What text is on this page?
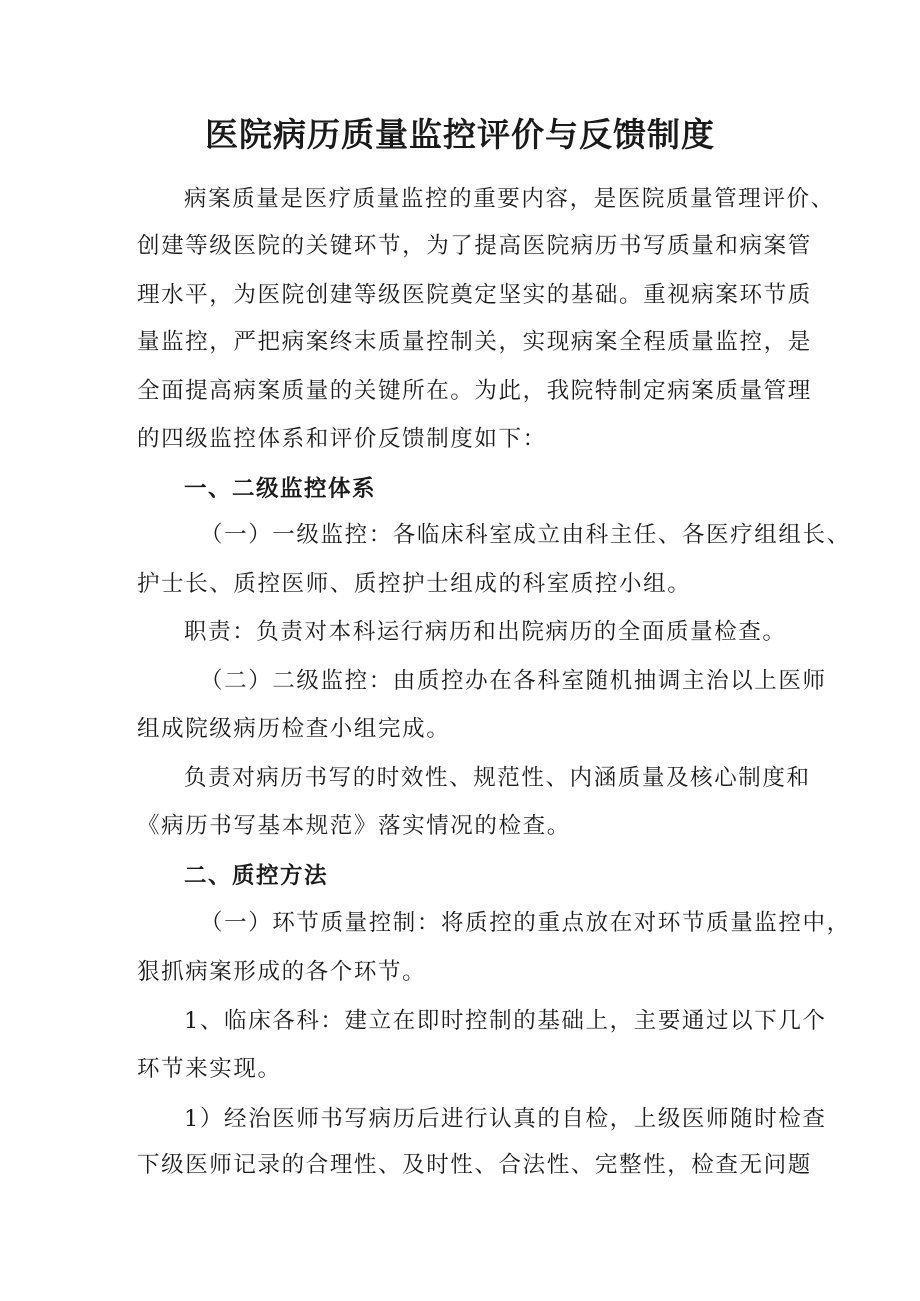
医院病历质量监控评价与反馈制度
病案质量是医疗质量监控的重要内容，是医院质量管理评价、
创建等级医院的关键环节，为了提高医院病历书写质量和病案管
理水平，为医院创建等级医院奠定坚实的基础。重视病案环节质
量监控，严把病案终末质量控制关，实现病案全程质量监控，是
全面提高病案质量的关键所在。为此，我院特制定病案质量管理
的四级监控体系和评价反馈制度如下：
一、二级监控体系
（一）一级监控：各临床科室成立由科主任、各医疗组组长、
护士长、质控医师、质控护士组成的科室质控小组。
职责：负责对本科运行病历和出院病历的全面质量检查。
（二）二级监控：由质控办在各科室随机抽调主治以上医师
组成院级病历检查小组完成。
负责对病历书写的时效性、规范性、内涵质量及核心制度和
《病历书写基本规范》落实情况的检查。
二、质控方法
（一）环节质量控制：将质控的重点放在对环节质量监控中，
狠抓病案形成的各个环节。
1、临床各科：建立在即时控制的基础上，主要通过以下几个
环节来实现。
1）经治医师书写病历后进行认真的自检，上级医师随时检查
下级医师记录的合理性、及时性、合法性、完整性，检查无问题
